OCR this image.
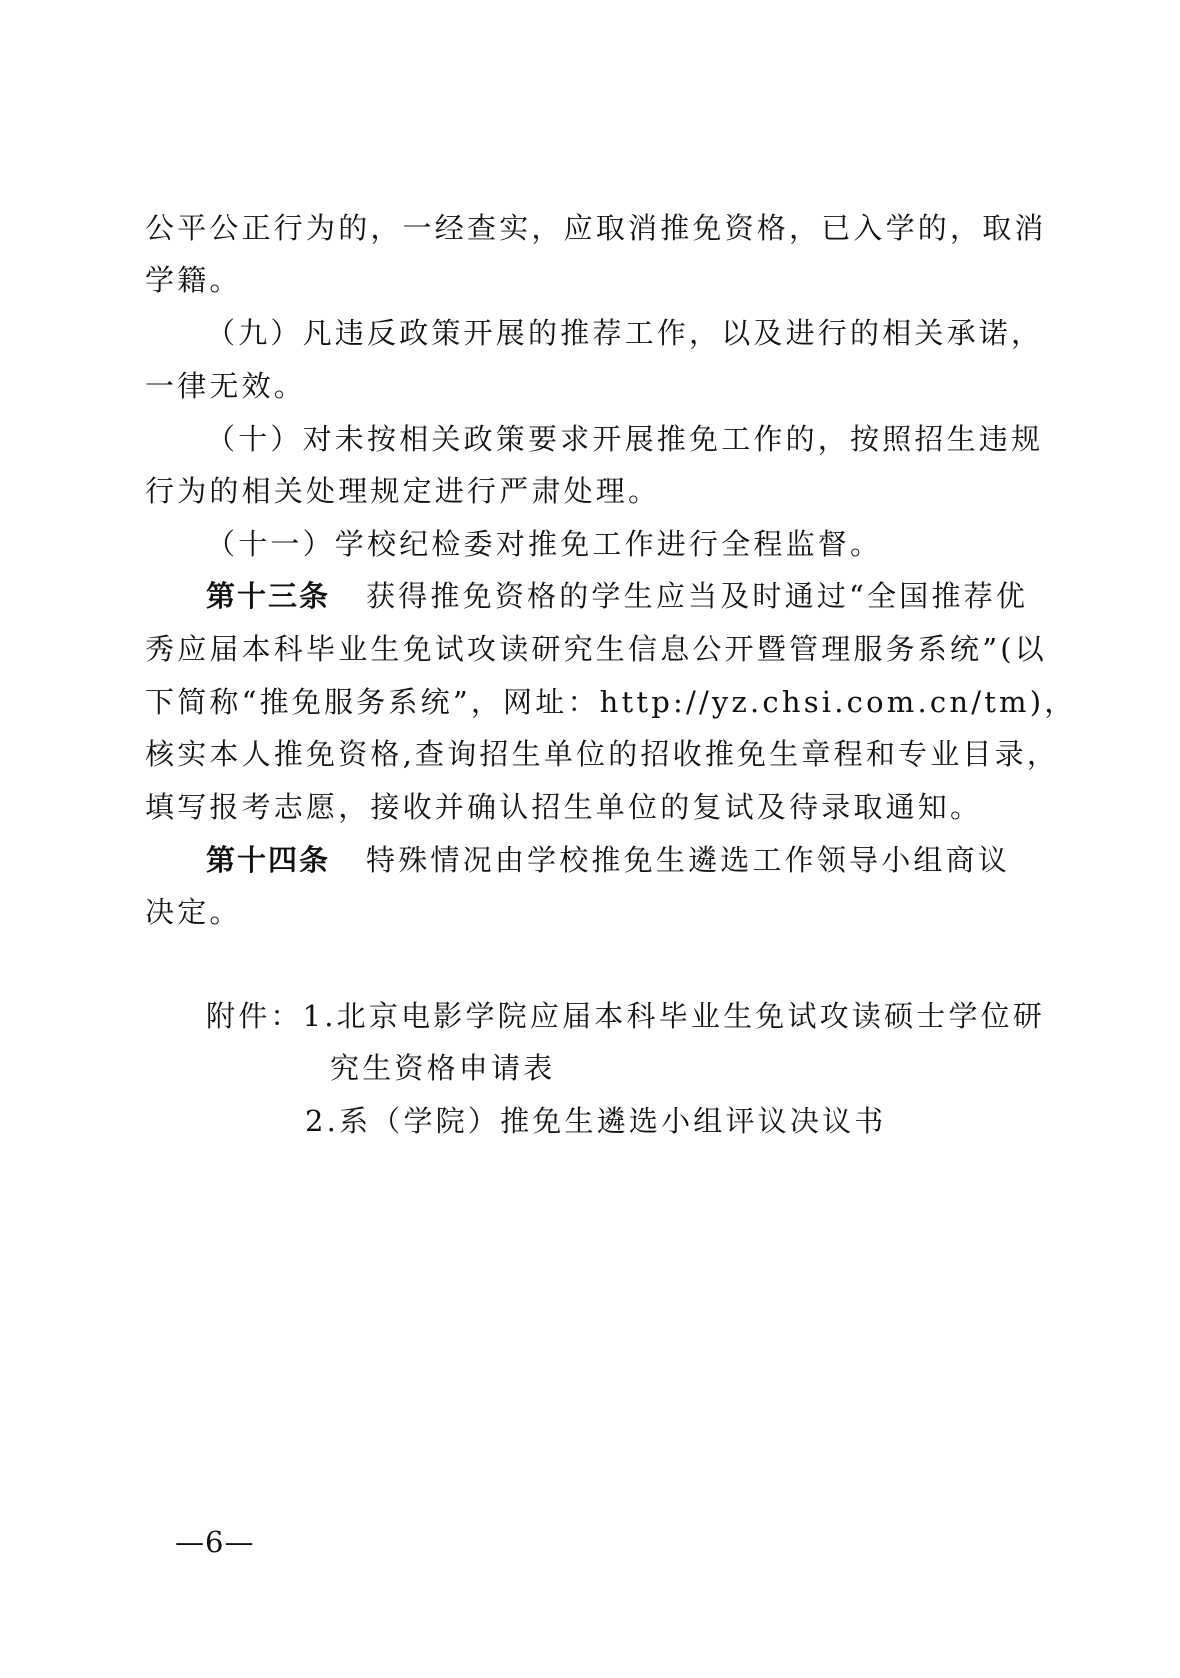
公平公正行为的，一经查实，应取消推免资格，已入学的，取消
学籍。
（九）凡违反政策开展的推荐工作，以及进行的相关承诺，
一律无效。
（十）对未按相关政策要求开展推免工作的，按照招生违规
行为的相关处理规定进行严肃处理。
（十一）学校纪检委对推免工作进行全程监督。
第十三条 获得推免资格的学生应当及时通过“全国推荐优
秀应届本科毕业生免试攻读研究生信息公开暨管理服务系统”(以
下简称“推免服务系统”，网址：http://yz.chsi.com.cn/tm)，
核实本人推免资格,查询招生单位的招收推免生章程和专业目录，
填写报考志愿，接收并确认招生单位的复试及待录取通知。
第十四条 特殊情况由学校推免生遴选工作领导小组商议
决定。
附件：1.北京电影学院应届本科毕业生免试攻读硕士学位研
究生资格申请表
2.系（学院）推免生遴选小组评议决议书
—6—
